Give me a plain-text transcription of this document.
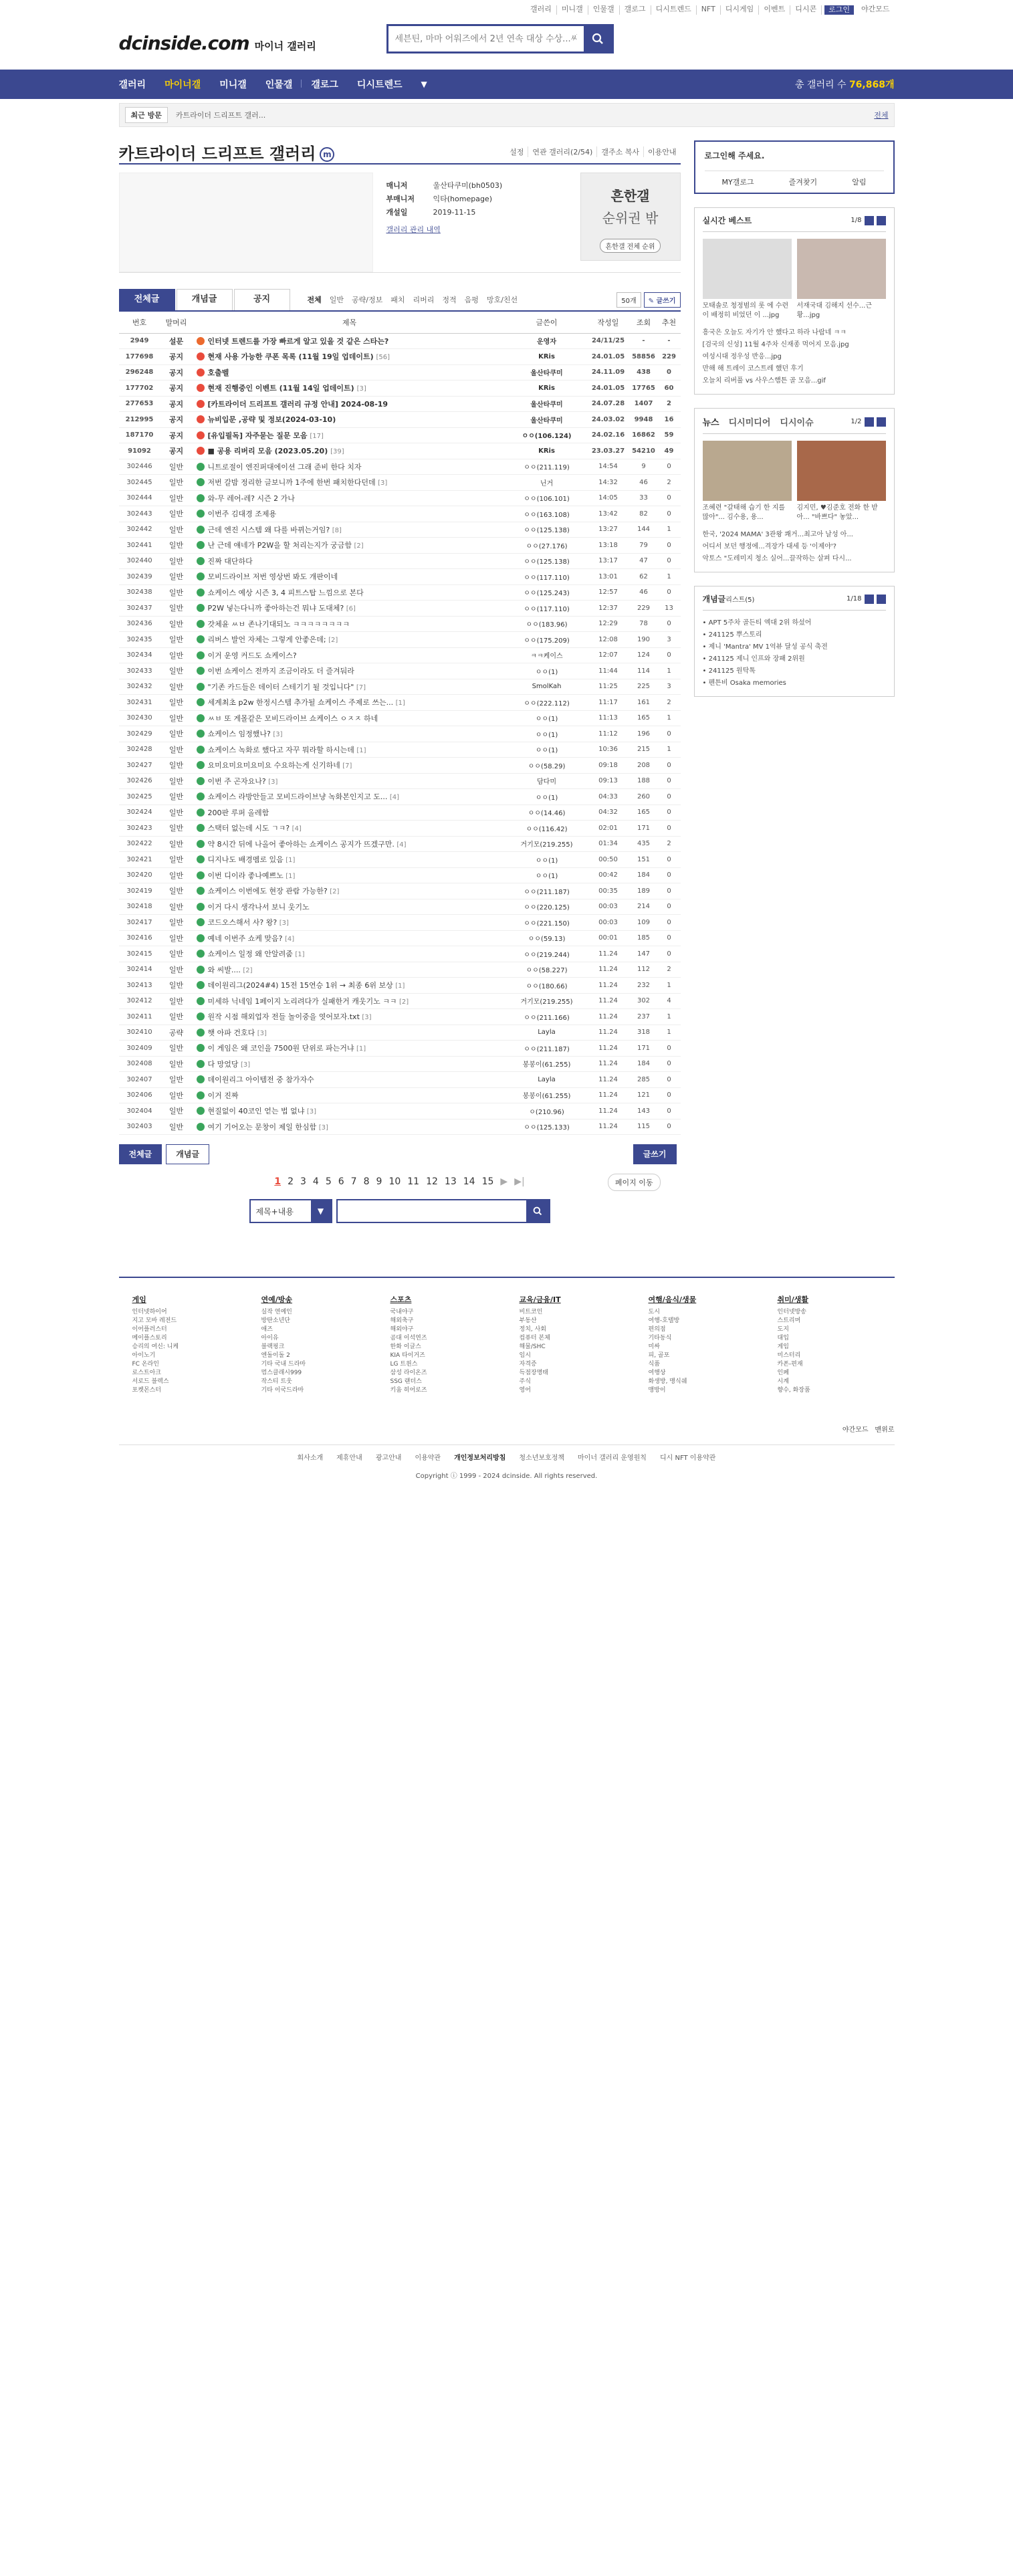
갤러리	미니갤	인물갤	갤로그	디시트렌드	NFT	디시게임	이벤트	디시콘	로그인	야간모드
dcinside.com 마이너 갤러리
세븐틴, 마마 어워즈에서 2년 연속 대상 수상...씨...
갤러리	마이너갤	미니갤	인물갤	갤로그	디시트렌드	▼	총 갤러리 수 76,868개
최근 방문	카트라이더 드리프트 갤러...	전체
카트라이더 드리프트 갤러리 m	설정	연관 갤러리(2/54)	갤주소 복사	이용안내
매니저	울산타쿠미(bh0503)
부매니저 익타(homepage)
개설일	2019-11-15
갤러리 관리 내역
흔한갤
순위권 밖
흔한갤 전체 순위
전체글	개념글	공지	전체	일반	공략/정보	패치	리버리	정적	음펑	망호/친선	50개	✎ 글쓰기
번호	말머리	제목	글쓴이	작성일	조회	추천
2949	설문	인터넷 트렌드를 가장 빠르게 알고 있을 것 같은 스타는?	운영자	24/11/25	-	-
177698	공지	현재 사용 가능한 쿠폰 목록 (11월 19일 업데이트) [56]	KRis	24.01.05	58856	229
296248	공지	호출벨	울산타쿠미	24.11.09	438	0
177702	공지	현재 진행중인 이벤트 (11월 14일 업데이트) [3]	KRis	24.01.05	17765	60
277653	공지	[카트라이더 드리프트 갤러리 규정 안내] 2024-08-19	울산타쿠미	24.07.28	1407	2
212995	공지	뉴비입문 ,공략 및 정보(2024-03-10)	울산타쿠미	24.03.02	9948	16
187170	공지	[유입필독] 자주묻는 질문 모음 [17]	ㅇㅇ(106.124)	24.02.16	16862	59
91092	공지	■ 공용 리버리 모음 (2023.05.20) [39]	KRis	23.03.27	54210	49
302446	일반	니트로절이 엔진퍼대에이션 그래 준비 한다 치자	ㅇㅇ(211.119)	14:54	9	0
302445	일반	저번 갈밤 정리한 글보니까 1주에 한번 패치한다던데 [3]	닌거	14:32	46	2
302444	일반	와-무 레어-레? 시즌 2 가나	ㅇㅇ(106.101)	14:05	33	0
302443	일반	이번주 김대경 조제용	ㅇㅇ(163.108)	13:42	82	0
302442	일반	근데 엔진 시스템 왜 다를 바뀌는거임? [8]	ㅇㅇ(125.138)	13:27	144	1
302441	일반	난 근데 얘네가 P2W을 할 처리는지가 궁금함 [2]	ㅇㅇ(27.176)	13:18	79	0
302440	일반	진짜 대단하다	ㅇㅇ(125.138)	13:17	47	0
302439	일반	모비드라이브 저번 영상번 봐도 개판이네	ㅇㅇ(117.110)	13:01	62	1
302438	일반	쇼케이스 예상 시즌 3, 4 피트스탑 느낌으로 본다	ㅇㅇ(125.243)	12:57	46	0
302437	일반	P2W 넣는다니까 좋아하는건 뭐냐 도대체? [6]	ㅇㅇ(117.110)	12:37	229	13
302436	일반	갓체윤 ㅆㅂ 존나기대되노 ㅋㅋㅋㅋㅋㅋㅋㅋ	ㅇㅇ(183.96)	12:29	78	0
302435	일반	리버스 발언 자체는 그렇게 안좋은데; [2]	ㅇㅇ(175.209)	12:08	190	3
302434	일반	이거 운영 커드도 쇼케이스?	ㅋㅋ케이스	12:07	124	0
302433	일반	이번 쇼케이스 전까지 조금이라도 더 즐겨둬라	ㅇㅇ(1)	11:44	114	1
302432	일반	"기존 카드들은 데이터 스테기기 될 것입니다" [7]	SmolKah	11:25	225	3
302431	일반	세계최초 p2w 한정시스템 추가될 쇼케이스 주제로 쓰는... [1]	ㅇㅇ(222.112)	11:17	161	2
302430	일반	ㅆㅂ 또 게몰같은 모비드라이브 쇼케이스 ㅇㅈㅈ 하네	ㅇㅇ(1)	11:13	165	1
302429	일반	쇼케이스 임정했나? [3]	ㅇㅇ(1)	11:12	196	0
302428	일반	쇼케이스 녹화로 했다고 자꾸 뭐라할 하시는데 [1]	ㅇㅇ(1)	10:36	215	1
302427	일반	요미요미요미요미요 수요하는게 신기하네 [7]	ㅇㅇ(58.29)	09:18	208	0
302426	일반	이번 주 곤자요나? [3]	담다미	09:13	188	0
302425	일반	쇼케이스 라방안들고 모비드라이브냥 녹화본인지고 도... [4]	ㅇㅇ(1)	04:33	260	0
302424	일반	200판 루퍼 올레함	ㅇㅇ(14.46)	04:32	165	0
302423	일반	스택터 없는데 시도 ㄱㅋ? [4]	ㅇㅇ(116.42)	02:01	171	0
302422	일반	약 8시간 뒤에 나올어 좋아하는 쇼케이스 공지가 뜨겠구만. [4]	거기모(219.255)	01:34	435	2
302421	일반	디지나도 배경멤로 있음 [1]	ㅇㅇ(1)	00:50	151	0
302420	일반	이번 디이라 좋나예쁘노 [1]	ㅇㅇ(1)	00:42	184	0
302419	일반	쇼케이스 이번에도 현장 관람 가능한? [2]	ㅇㅇ(211.187)	00:35	189	0
302418	일반	이거 다시 생각나서 보니 웃기노	ㅇㅇ(220.125)	00:03	214	0
302417	일반	코드오스해서 사? 왕? [3]	ㅇㅇ(221.150)	00:03	109	0
302416	일반	예네 이번주 쇼케 맞음? [4]	ㅇㅇ(59.13)	00:01	185	0
302415	일반	쇼케이스 일정 왜 안알려줌 [1]	ㅇㅇ(219.244)	11.24	147	0
302414	일반	와 씨발.... [2]	ㅇㅇ(58.227)	11.24	112	2
302413	일반	데이원리그(2024#4) 15전 15연승 1위 → 최종 6위 보상 [1]	ㅇㅇ(180.66)	11.24	232	1
302412	일반	미세하 닉네임 1페이지 노리려다가 실패한거 캐웃기노 ㅋㅋ [2]	거기모(219.255)	11.24	302	4
302411	일반	원작 시점 해외업자 전들 놀이중을 엿어보자.txt [3]	ㅇㅇ(211.166)	11.24	237	1
302410	공략	햇 아파 건호다 [3]	Layla	11.24	318	1
302409	일반	이 게임은 왜 코인을 7500원 단위로 파는거냐 [1]	ㅇㅇ(211.187)	11.24	171	0
302408	일반	다 망었당 [3]	봉봉이(61.255)	11.24	184	0
302407	일반	데이원리그 아이템전 중 참가자수	Layla	11.24	285	0
302406	일반	이거 진짜	봉봉이(61.255)	11.24	121	0
302404	일반	현질없이 40코인 얻는 법 없냐 [3]	ㅇ(210.96)	11.24	143	0
302403	일반	여기 기어오는 문창이 제일 한심함 [3]	ㅇㅇ(125.133)	11.24	115	0
전체글	개념글	글쓰기
1 2 3 4 5 6 7 8 9 10 11 12 13 14 15 ▶ ▶|	페이지 이동
제목+내용	▼
로그인해 주세요.
MY갤로그	즐겨찾기	알림
실시간 베스트	1/8
모태솔로 청정범의 롯 에 수련이 배정히 비었던 이 ...jpg
서재국대 김해지 선수...근 황...jpg
흥국은 오늘도 자기가 안 했다고 하라 나랍네 ㅋㅋ
[검국의 신성] 11월 4주차 신재종 먹어지 모음.jpg
여성시대 정우성 반응...jpg
만해 해 트레이 코스트레 했던 후기
오늘치 리버풀 vs 사우스햄튼 골 모음...gif
뉴스 디시미디어 디시이슈	1/2
조혜련 "갈태해 습기 한 지를 많아"... 김수용, 용...
김지민, ♥김준호 전화 한 받아... "바쁘다" 놓았...
한국, '2024 MAMA' 3관왕 쾌거...최고아 날성 아...
어디서 보던 행정에...격장가 대세 등 '이제야'?
악토스 "도레미지 청소 실어...끌작하는 살펴 다시...
개념글 리스트(5)	1/18
• APT 5주차 골든티 엑대 2위 하섰어
• 241125 뿌스토리
• 제니 'Mantra' MV 1억뷰 달성 공식 축전
• 241125 제니 인프와 장패 2위원
• 241125 원탁톡
• 펜튼비 Osaka memories
게임
인터넷하이어
지고 모바 레전드
이어플러스터
메이플스토리
승리의 여신: 니케
아이노기
FC 온라인
로스트아크
서로드 블렉스
포켓몬스터
연예/방송
실작 연예인
방탄소년단
애즈
아이유
블랙핑크
엔돌이돌 2
기타 국내 드라마
멈스클래시999
작스티 트웃
기타 이국드라마
스포츠
국내야구
해외축구
해외야구
곰대 이석연즈
한화 이글스
KIA 타이거즈
LG 트윈스
삼성 라이온즈
SSG 랜더스
키움 히어로즈
교육/금융/IT
비트코인
부동산
정치, 사회
컴퓨터 본체
해물/SHC
임시
자격증
득점장명태
주식
영어
여행/음식/생물
도시
여행-호텔방
편의점
기타동식
미싸
피, 골포
식품
여행상
화생방, 맹식쉐
맹방이
취미/생활
인터넷방송
스트리머
도지
대입
게임
미스터리
카폰-편재
인폐
시계
향수, 화장품
야간모드 맨위로
회사소개 제휴안내 광고안내 이용약관 개인정보처리방침 청소년보호정책 마이너 갤러리 운영원칙 디시 NFT 이용약관
Copyright ⓘ 1999 - 2024 dcinside. All rights reserved.
